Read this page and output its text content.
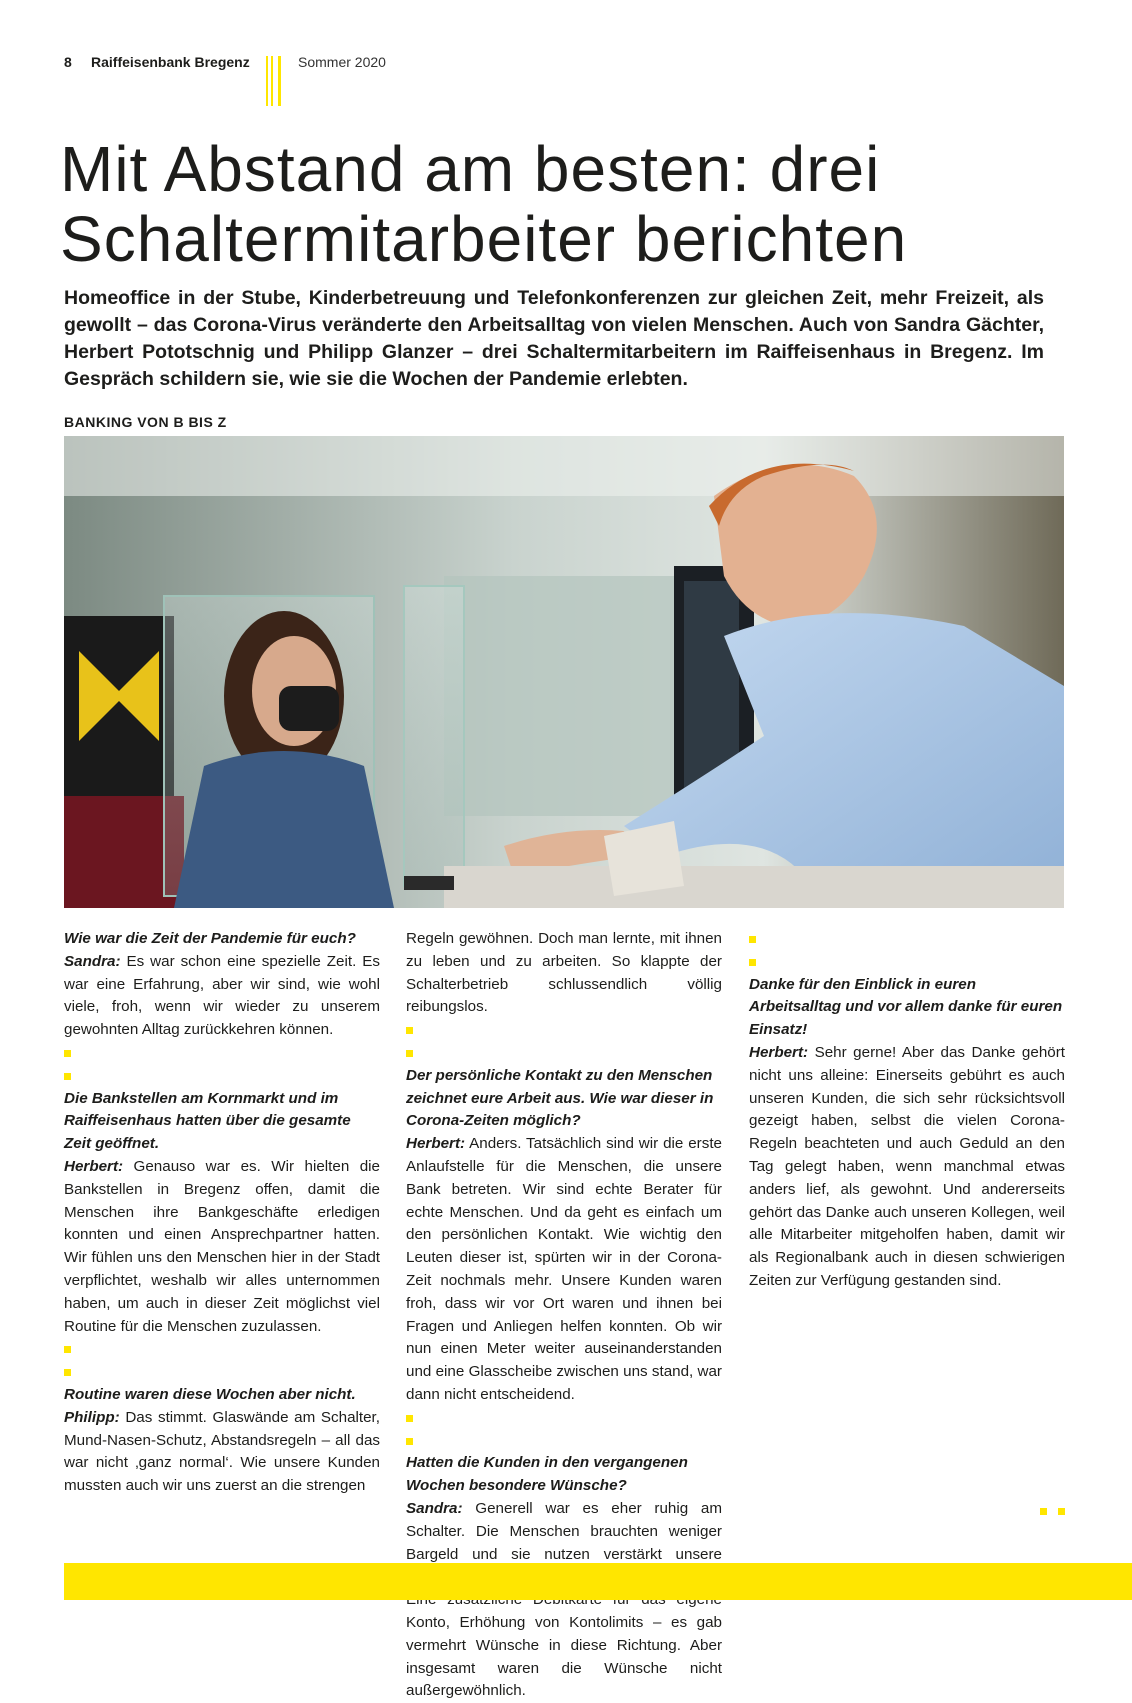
8 Raiffeisenbank Bregenz	Sommer 2020
Mit Abstand am besten: drei
Schaltermitarbeiter berichten

Homeoffice in der Stube, Kinderbetreuung und Telefonkonferenzen zur gleichen Zeit, mehr Freizeit, als gewollt – das Corona-Virus veränderte den Arbeitsalltag von vielen Menschen. Auch von Sandra Gächter, Herbert Pototschnig und Philipp Glanzer – drei Schaltermitarbeitern im Raiffeisenhaus in Bregenz. Im Gespräch schildern sie, wie sie die Wochen der Pandemie erlebten.

BANKING VON B BIS Z

Wie war die Zeit der Pandemie für euch?

Sandra: Es war schon eine spezielle Zeit. Es war eine Erfahrung, aber wir sind, wie wohl viele, froh, wenn wir wieder zu unserem gewohnten Alltag zurückkehren können.

Die Bankstellen am Kornmarkt und im Raiffeisenhaus hatten über die gesamte Zeit geöffnet.

Herbert: Genauso war es. Wir hielten die Bankstellen in Bregenz offen, damit die Menschen ihre Bankgeschäfte erledigen konnten und einen Ansprechpartner hatten. Wir fühlen uns den Menschen hier in der Stadt verpflichtet, weshalb wir alles unternommen haben, um auch in dieser Zeit möglichst viel Routine für die Menschen zuzulassen.

Routine waren diese Wochen aber nicht.

Philipp: Das stimmt. Glaswände am Schalter, Mund-Nasen-Schutz, Abstandsregeln – all das war nicht ‚ganz normal‘. Wie unsere Kunden mussten auch wir uns zuerst an die strengen

Regeln gewöhnen. Doch man lernte, mit ihnen zu leben und zu arbeiten. So klappte der Schalterbetrieb schlussendlich völlig reibungslos.

Der persönliche Kontakt zu den Menschen zeichnet eure Arbeit aus. Wie war dieser in Corona-Zeiten möglich?

Herbert: Anders. Tatsächlich sind wir die erste Anlaufstelle für die Menschen, die unsere Bank betreten. Wir sind echte Berater für echte Menschen. Und da geht es einfach um den persönlichen Kontakt. Wie wichtig den Leuten dieser ist, spürten wir in der Corona-Zeit nochmals mehr. Unsere Kunden waren froh, dass wir vor Ort waren und ihnen bei Fragen und Anliegen helfen konnten. Ob wir nun einen Meter weiter auseinanderstanden und eine Glasscheibe zwischen uns stand, war dann nicht entscheidend.

Hatten die Kunden in den vergangenen Wochen besondere Wünsche?

Sandra: Generell war es eher ruhig am Schalter. Die Menschen brauchten weniger Bargeld und sie nutzen verstärkt unsere Konto, Erhöhung von Kontolimits – es gab vermehrt Wünsche in diese Richtung. Aber insgesamt waren die Wünsche nicht außergewöhnlich.

Danke für den Einblick in euren Arbeitsalltag und vor allem danke für euren Einsatz!

Herbert: Sehr gerne! Aber das Danke gehört nicht uns alleine: Einerseits gebührt es auch unseren Kunden, die sich sehr rücksichtsvoll gezeigt haben, selbst die vielen Corona-Regeln beachteten und auch Geduld an den Tag gelegt haben, wenn manchmal etwas anders lief, als gewohnt. Und andererseits gehört das Danke auch unseren Kollegen, weil alle Mitarbeiter mitgeholfen haben, damit wir als Regionalbank auch in diesen schwierigen Zeiten zur Verfügung gestanden sind.
